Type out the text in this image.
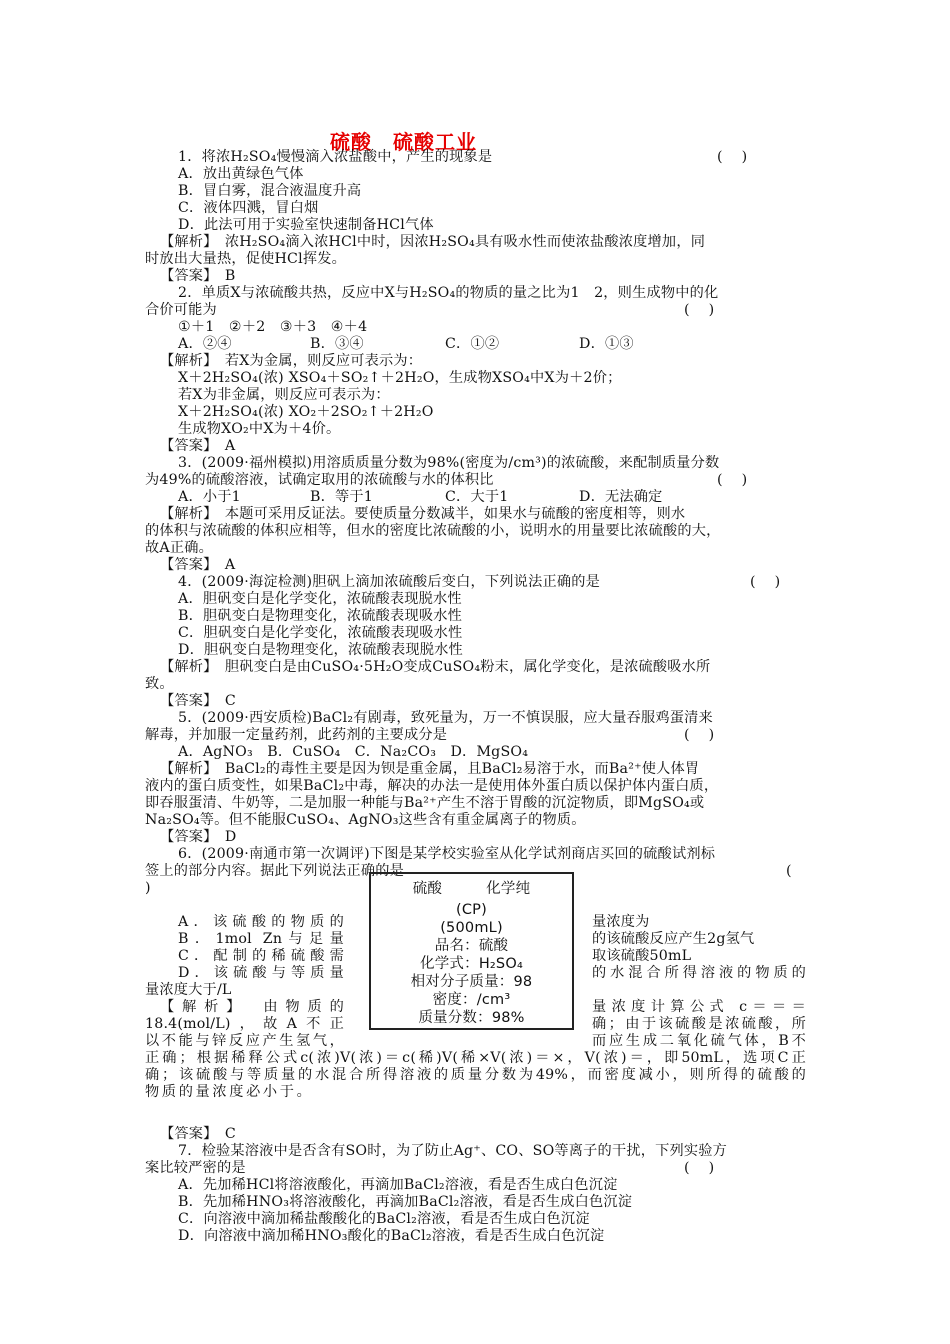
硫酸　硫酸工业
1．将浓H₂SO₄慢慢滴入浓盐酸中，产生的现象是	(    )
A．放出黄绿色气体
B．冒白雾，混合液温度升高
C．液体四溅，冒白烟
D．此法可用于实验室快速制备HCl气体
【解析】　浓H₂SO₄滴入浓HCl中时，因浓H₂SO₄具有吸水性而使浓盐酸浓度增加，同
时放出大量热，促使HCl挥发。
【答案】　B
2．单质X与浓硫酸共热，反应中X与H₂SO₄的物质的量之比为1　2，则生成物中的化
合价可能为	(    )
①＋1　②＋2　③＋3　④＋4
A．②④	B．③④	C．①②	D．①③
【解析】　若X为金属，则反应可表示为：
X＋2H₂SO₄(浓) XSO₄＋SO₂↑＋2H₂O，生成物XSO₄中X为＋2价；
若X为非金属，则反应可表示为：
X＋2H₂SO₄(浓) XO₂＋2SO₂↑＋2H₂O
生成物XO₂中X为＋4价。
【答案】　A
3．(2009·福州模拟)用溶质质量分数为98%(密度为/cm³)的浓硫酸，来配制质量分数
为49%的硫酸溶液，试确定取用的浓硫酸与水的体积比	(    )
A．小于1	B．等于1	C．大于1	D．无法确定
【解析】　本题可采用反证法。要使质量分数减半，如果水与硫酸的密度相等，则水
的体积与浓硫酸的体积应相等，但水的密度比浓硫酸的小，说明水的用量要比浓硫酸的大，
故A正确。
【答案】　A
4．(2009·海淀检测)胆矾上滴加浓硫酸后变白，下列说法正确的是	(    )
A．胆矾变白是化学变化，浓硫酸表现脱水性
B．胆矾变白是物理变化，浓硫酸表现吸水性
C．胆矾变白是化学变化，浓硫酸表现吸水性
D．胆矾变白是物理变化，浓硫酸表现脱水性
【解析】　胆矾变白是由CuSO₄·5H₂O变成CuSO₄粉末，属化学变化，是浓硫酸吸水所
致。
【答案】　C
5．(2009·西安质检)BaCl₂有剧毒，致死量为，万一不慎误服，应大量吞服鸡蛋清来
解毒，并加服一定量药剂，此药剂的主要成分是	(    )
A．AgNO₃　B．CuSO₄　C．Na₂CO₃　D．MgSO₄
【解析】　BaCl₂的毒性主要是因为钡是重金属，且BaCl₂易溶于水，而Ba²⁺使人体胃
液内的蛋白质变性，如果BaCl₂中毒，解决的办法一是使用体外蛋白质以保护体内蛋白质，
即吞服蛋清、牛奶等，二是加服一种能与Ba²⁺产生不溶于胃酸的沉淀物质，即MgSO₄或
Na₂SO₄等。但不能服CuSO₄、AgNO₃这些含有重金属离子的物质。
【答案】　D
6．(2009·南通市第一次调评)下图是某学校实验室从化学试剂商店买回的硫酸试剂标
签上的部分内容。据此下列说法正确的是	(
)
量浓度为
的该硫酸反应产生2g氢气
取该硫酸50mL
【答案】　C
7．检验某溶液中是否含有SO时，为了防止Ag⁺、CO、SO等离子的干扰，下列实验方
案比较严密的是	(    )
A．先加稀HCl将溶液酸化，再滴加BaCl₂溶液，看是否生成白色沉淀
B．先加稀HNO₃将溶液酸化，再滴加BaCl₂溶液，看是否生成白色沉淀
C．向溶液中滴加稀盐酸酸化的BaCl₂溶液，看是否生成白色沉淀
D．向溶液中滴加稀HNO₃酸化的BaCl₂溶液，看是否生成白色沉淀
A．该硫酸的物质的
B．1mol Zn与足量
C．配制的稀硫酸需
D．该硫酸与等质量	的水混合所得溶液的物质的
量浓度大于/L
【解析】　由物质的	量浓度计算公式 c＝＝＝
18.4(mol/L)，故A不正	确；由于该硫酸是浓硫酸，所
以不能与锌反应产生氢气，	而应生成二氧化硫气体，B不
正确；根据稀释公式c(浓)V(浓)＝c(稀)V(稀×V(浓)＝×，V(浓)＝，即50mL，选项C正
确；该硫酸与等质量的水混合所得溶液的质量分数为49%，而密度减小，则所得的硫酸的
物质的量浓度必小于。
硫酸　　　化学纯
(CP)
(500mL)
品名：硫酸
化学式：H₂SO₄
相对分子质量：98
密度：/cm³
质量分数：98%
